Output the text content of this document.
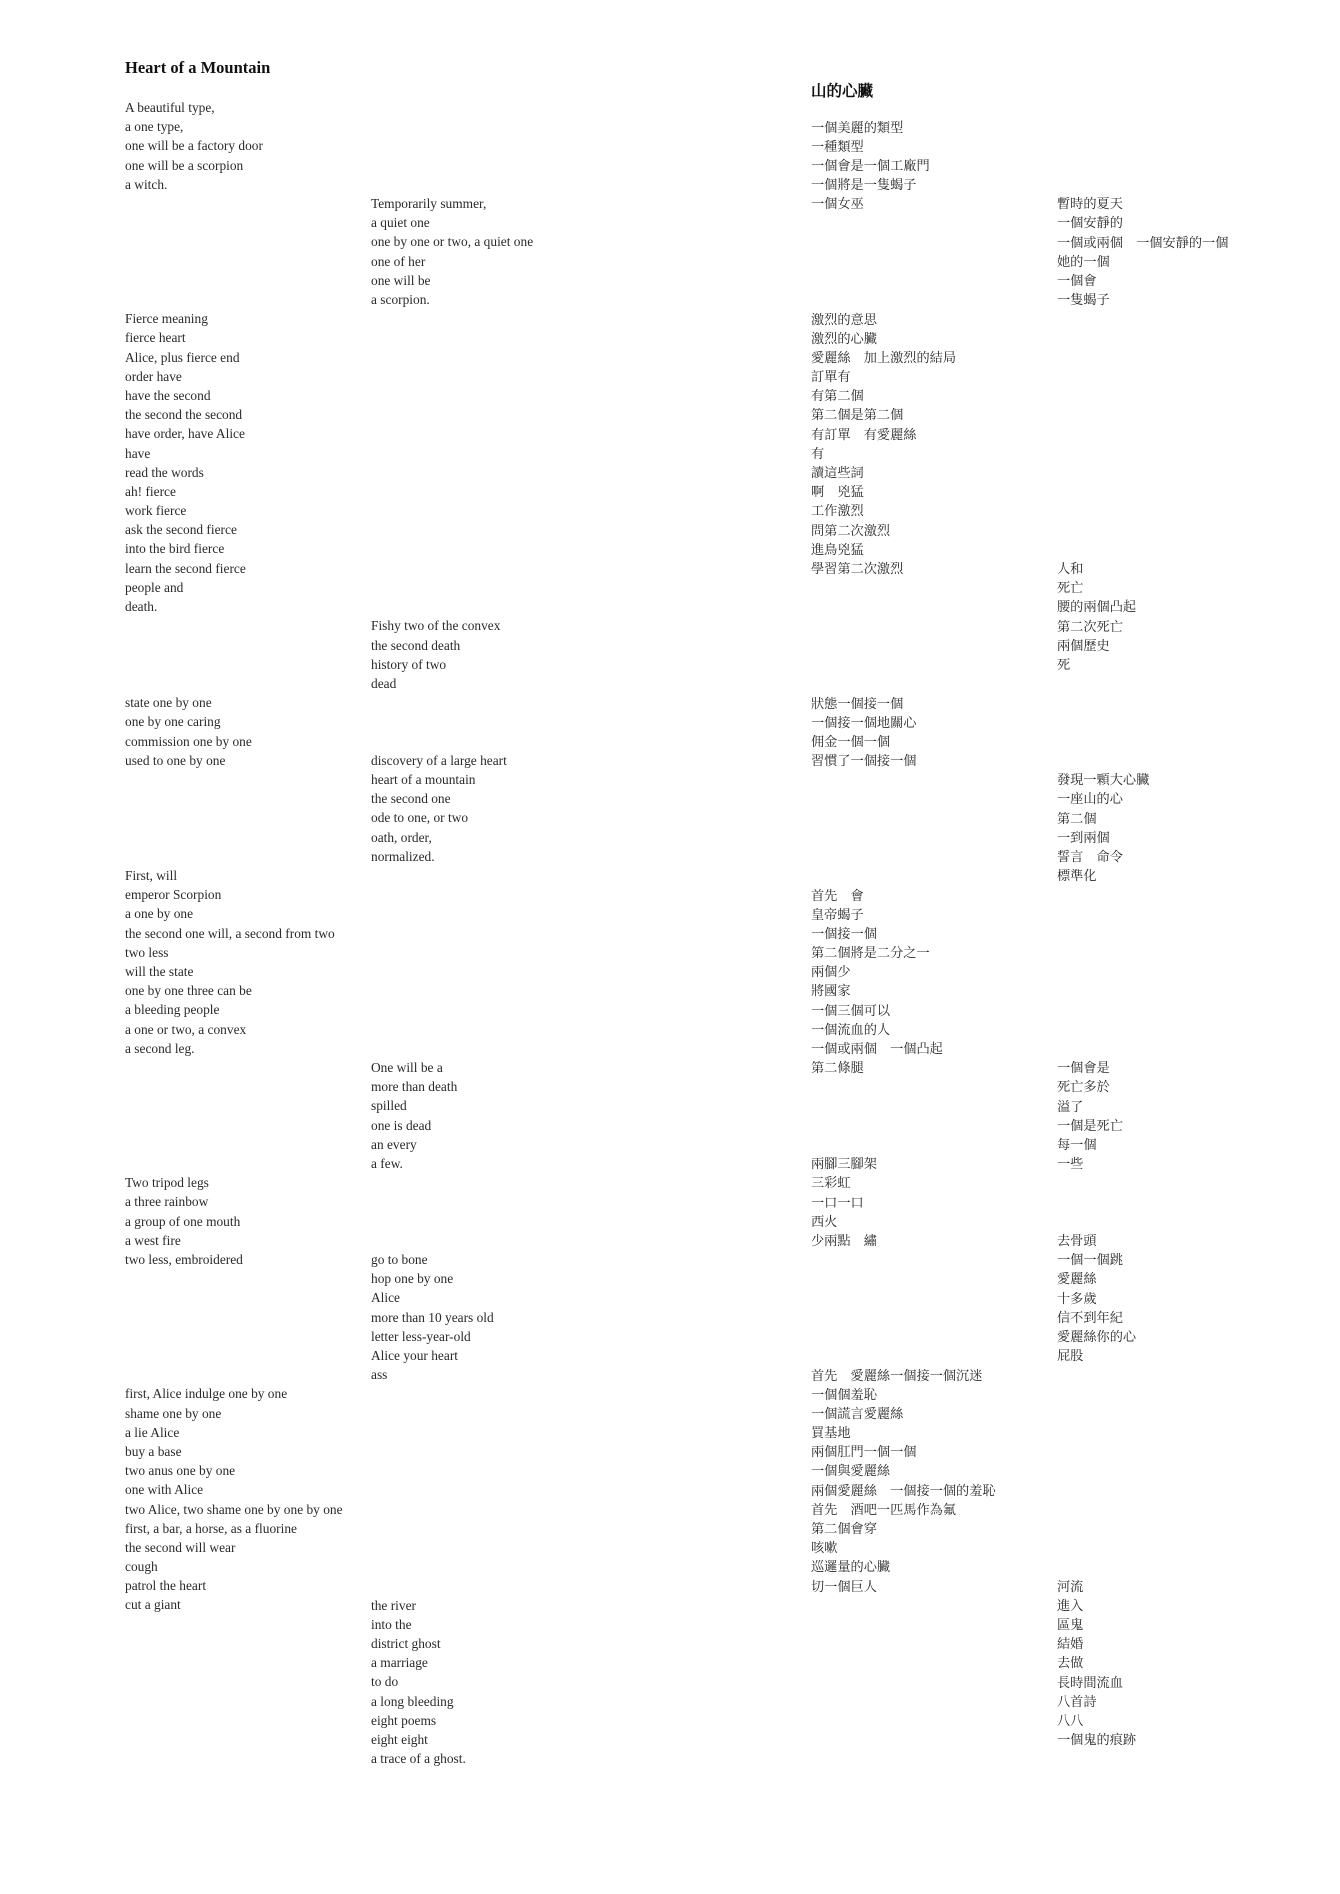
Heart of a Mountain
山的心臟
A beautiful type,
a one type,
one will be a factory door
one will be a scorpion
a witch.
Temporarily summer,
a quiet one
one by one or two, a quiet one
one of her
one will be
a scorpion.
Fierce meaning
fierce heart
Alice, plus fierce end
order have
have the second
the second the second
have order, have Alice
have
read the words
ah! fierce
work fierce
ask the second fierce
into the bird fierce
learn the second fierce
people and
death.
Fishy two of the convex
the second death
history of two
dead
state one by one
one by one caring
commission one by one
used to one by one	discovery of a large heart
heart of a mountain
the second one
ode to one, or two
oath, order,
normalized.
First, will
emperor Scorpion
a one by one
the second one will, a second from two
two less
will the state
one by one three can be
a bleeding people
a one or two, a convex
a second leg.
One will be a
more than death
spilled
one is dead
an every
a few.
Two tripod legs
a three rainbow
a group of one mouth
a west fire
two less, embroidered	go to bone
hop one by one
Alice
more than 10 years old
letter less-year-old
Alice your heart
ass
first, Alice indulge one by one
shame one by one
a lie Alice
buy a base
two anus one by one
one with Alice
two Alice, two shame one by one by one
first, a bar, a horse, as a fluorine
the second will wear
cough
patrol the heart
cut a giant	the river
into the
district ghost
a marriage
to do
a long bleeding
eight poems
eight eight
a trace of a ghost.
一個美麗的類型
一種類型
一個會是一個工廠門
一個將是一隻蝎子
一個女巫	暫時的夏天
一個安靜的
一個或兩個　一個安靜的一個
她的一個
一個會
一隻蝎子
激烈的意思
激烈的心臟
愛麗絲　加上激烈的結局
訂單有
有第二個
第二個是第二個
有訂單　有愛麗絲
有
讀這些詞
啊　兇猛
工作激烈
問第二次激烈
進鳥兇猛
學習第二次激烈	人和
死亡
腰的兩個凸起
第二次死亡
兩個歷史
死
狀態一個接一個
一個接一個地關心
佣金一個一個
習慣了一個接一個
發現一顆大心臟
一座山的心
第二個
一到兩個
誓言　命令
標準化
首先　會
皇帝蝎子
一個接一個
第二個將是二分之一
兩個少
將國家
一個三個可以
一個流血的人
一個或兩個　一個凸起
第二條腿	一個會是
死亡多於
溢了
一個是死亡
每一個
一些
兩腳三腳架
三彩虹
一口一口
西火
少兩點　繡	去骨頭
一個一個跳
愛麗絲
十多歲
信不到年紀
愛麗絲你的心
屁股
首先　愛麗絲一個接一個沉迷
一個個羞恥
一個謊言愛麗絲
買基地
兩個肛門一個一個
一個與愛麗絲
兩個愛麗絲　一個接一個的羞恥
首先　酒吧一匹馬作為氟
第二個會穿
咳嗽
巡邏量的心臟
切一個巨人	河流
進入
區鬼
結婚
去做
長時間流血
八首詩
八八
一個鬼的痕跡
